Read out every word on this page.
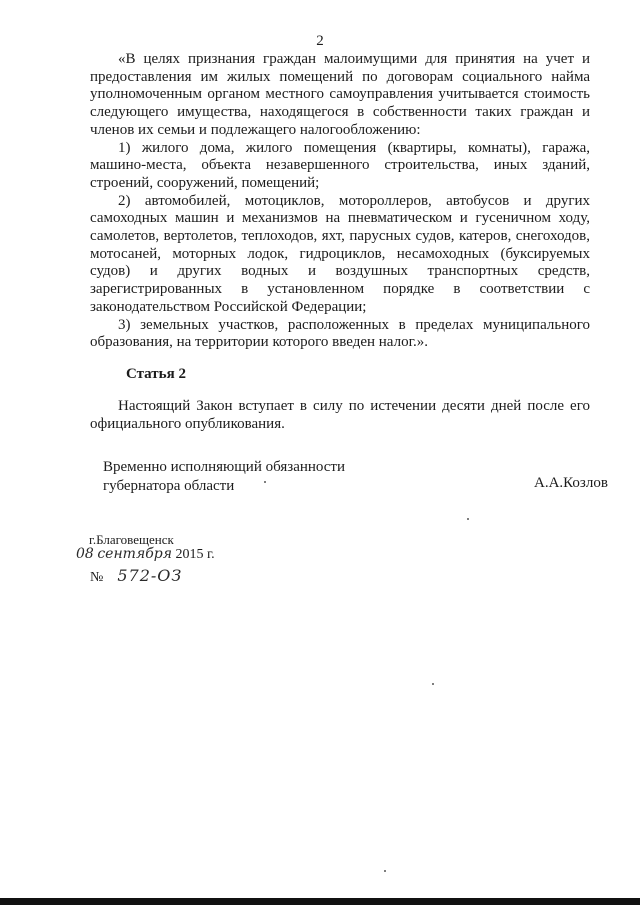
2

«В целях признания граждан малоимущими для принятия на учет и предоставления им жилых помещений по договорам социального найма уполномоченным органом местного самоуправления учитывается стоимость следующего имущества, находящегося в собственности таких граждан и членов их семьи и подлежащего налогообложению:

1) жилого дома, жилого помещения (квартиры, комнаты), гаража, машино-места, объекта незавершенного строительства, иных зданий, строений, сооружений, помещений;

2) автомобилей, мотоциклов, мотороллеров, автобусов и других самоходных машин и механизмов на пневматическом и гусеничном ходу, самолетов, вертолетов, теплоходов, яхт, парусных судов, катеров, снегоходов, мотосаней, моторных лодок, гидроциклов, несамоходных (буксируемых судов) и других водных и воздушных транспортных средств, зарегистрированных в установленном порядке в соответствии с законодательством Российской Федерации;

3) земельных участков, расположенных в пределах муниципального образования, на территории которого введен налог.».

Статья 2

Настоящий Закон вступает в силу по истечении десяти дней после его официального опубликования.

Временно исполняющий обязанности
губернатора области	А.А.Козлов
г.Благовещенск
08 сентября 2015 г.
№ 572-ОЗ
